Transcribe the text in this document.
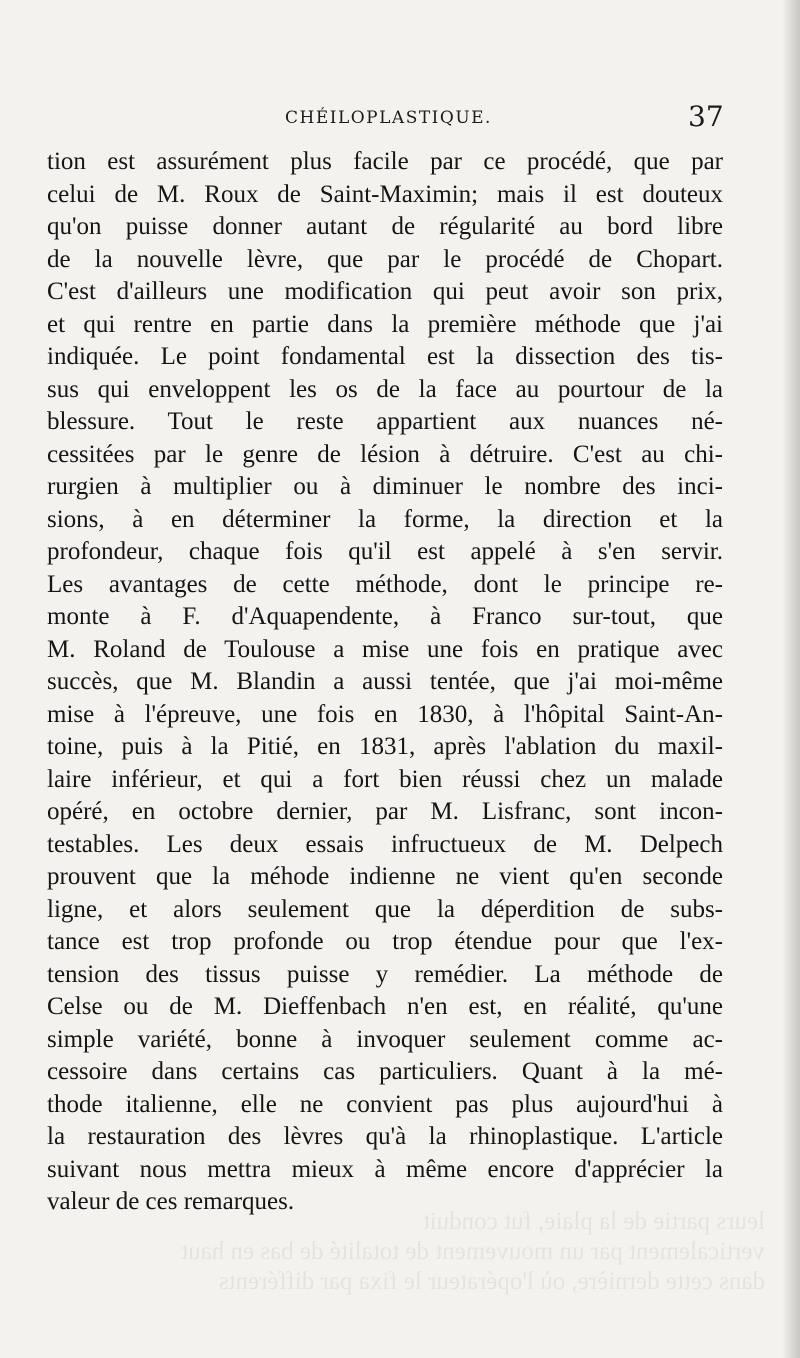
leurs partie de la plaie, fut conduit
verticalement par un mouvement de totalité de bas en haut
dans cette dernière, où l'opérateur le fixa par différents
CHÉILOPLASTIQUE.	37
tion est assurément plus facile par ce procédé, que par
celui de M. Roux de Saint-Maximin; mais il est douteux
qu'on puisse donner autant de régularité au bord libre
de la nouvelle lèvre, que par le procédé de Chopart.
C'est d'ailleurs une modification qui peut avoir son prix,
et qui rentre en partie dans la première méthode que j'ai
indiquée. Le point fondamental est la dissection des tis-
sus qui enveloppent les os de la face au pourtour de la
blessure. Tout le reste appartient aux nuances né-
cessitées par le genre de lésion à détruire. C'est au chi-
rurgien à multiplier ou à diminuer le nombre des inci-
sions, à en déterminer la forme, la direction et la
profondeur, chaque fois qu'il est appelé à s'en servir.
Les avantages de cette méthode, dont le principe re-
monte à F. d'Aquapendente, à Franco sur-tout, que
M. Roland de Toulouse a mise une fois en pratique avec
succès, que M. Blandin a aussi tentée, que j'ai moi-même
mise à l'épreuve, une fois en 1830, à l'hôpital Saint-An-
toine, puis à la Pitié, en 1831, après l'ablation du maxil-
laire inférieur, et qui a fort bien réussi chez un malade
opéré, en octobre dernier, par M. Lisfranc, sont incon-
testables. Les deux essais infructueux de M. Delpech
prouvent que la méhode indienne ne vient qu'en seconde
ligne, et alors seulement que la déperdition de subs-
tance est trop profonde ou trop étendue pour que l'ex-
tension des tissus puisse y remédier. La méthode de
Celse ou de M. Dieffenbach n'en est, en réalité, qu'une
simple variété, bonne à invoquer seulement comme ac-
cessoire dans certains cas particuliers. Quant à la mé-
thode italienne, elle ne convient pas plus aujourd'hui à
la restauration des lèvres qu'à la rhinoplastique. L'article
suivant nous mettra mieux à même encore d'apprécier la
valeur de ces remarques.
